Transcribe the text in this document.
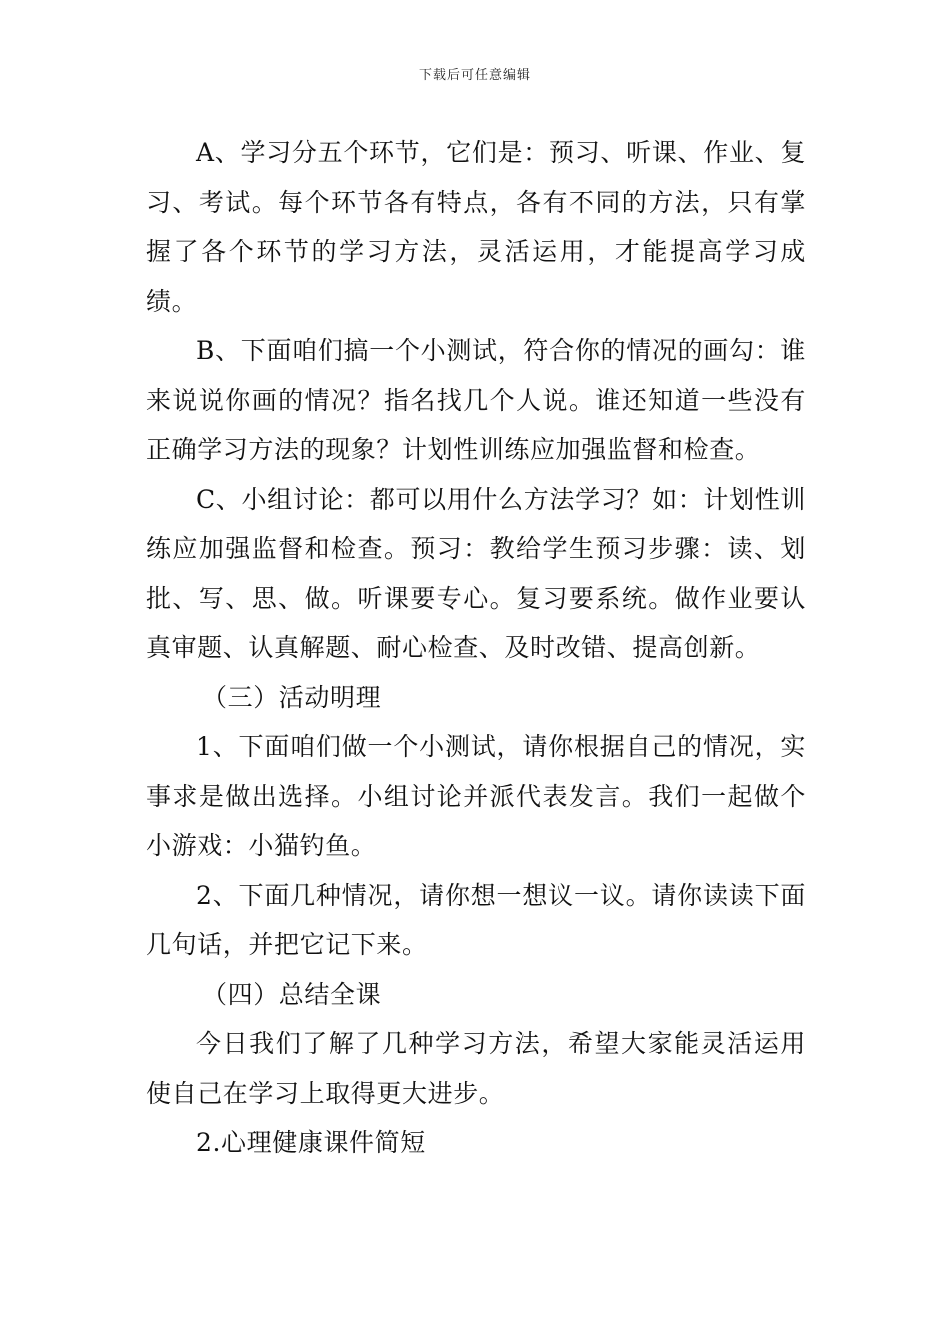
下载后可任意编辑

A、学习分五个环节，它们是：预习、听课、作业、复习、考试。每个环节各有特点，各有不同的方法，只有掌握了各个环节的学习方法，灵活运用，才能提高学习成绩。

B、下面咱们搞一个小测试，符合你的情况的画勾：谁来说说你画的情况？指名找几个人说。谁还知道一些没有正确学习方法的现象？计划性训练应加强监督和检查。

C、小组讨论：都可以用什么方法学习？如：计划性训练应加强监督和检查。预习：教给学生预习步骤：读、划批、写、思、做。听课要专心。复习要系统。做作业要认真审题、认真解题、耐心检查、及时改错、提高创新。

（三）活动明理

1、下面咱们做一个小测试，请你根据自己的情况，实事求是做出选择。小组讨论并派代表发言。我们一起做个小游戏：小猫钓鱼。

2、下面几种情况，请你想一想议一议。请你读读下面几句话，并把它记下来。

（四）总结全课

今日我们了解了几种学习方法，希望大家能灵活运用使自己在学习上取得更大进步。

2.心理健康课件简短
